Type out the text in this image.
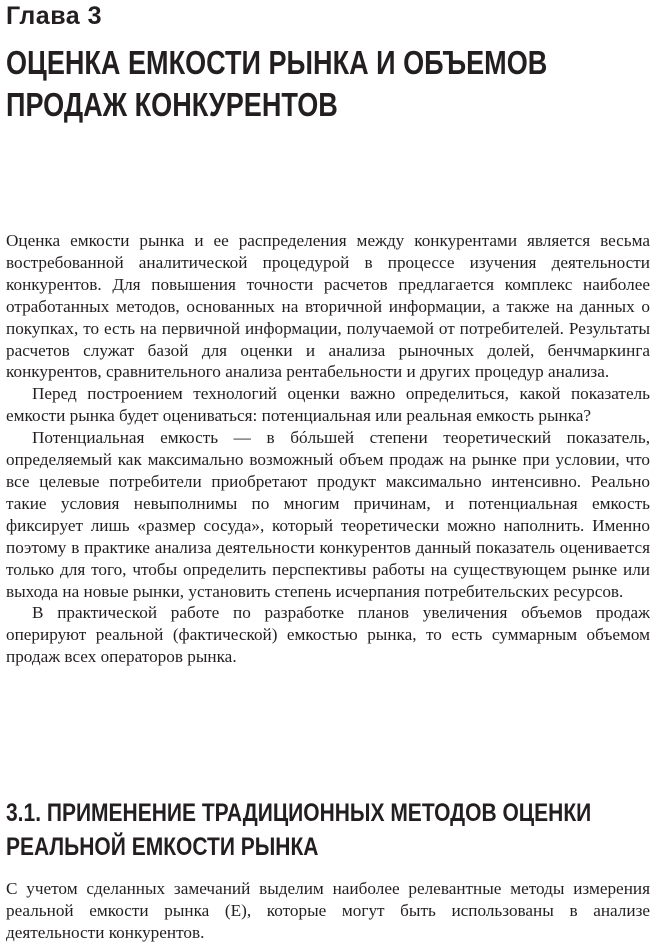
Глава 3
ОЦЕНКА ЕМКОСТИ РЫНКА И ОБЪЕМОВ
ПРОДАЖ КОНКУРЕНТОВ

Оценка емкости рынка и ее распределения между конкурентами является весьма востребованной аналитической процедурой в процессе изучения деятельности конкурентов. Для повышения точности расчетов предлагается комплекс наиболее отработанных методов, основанных на вторичной информации, а также на данных о покупках, то есть на первичной информации, получаемой от потребителей. Результаты расчетов служат базой для оценки и анализа рыночных долей, бенчмаркинга конкурентов, сравнительного анализа рентабельности и других процедур анализа.

Перед построением технологий оценки важно определиться, какой показатель емкости рынка будет оцениваться: потенциальная или реальная емкость рынка?

Потенциальная емкость — в бóльшей степени теоретический показатель, определяемый как максимально возможный объем продаж на рынке при условии, что все целевые потребители приобретают продукт максимально интенсивно. Реально такие условия невыполнимы по многим причинам, и потенциальная емкость фиксирует лишь «размер сосуда», который теоретически можно наполнить. Именно поэтому в практике анализа деятельности конкурентов данный показатель оценивается только для того, чтобы определить перспективы работы на существующем рынке или выхода на новые рынки, установить степень исчерпания потребительских ресурсов.

В практической работе по разработке планов увеличения объемов продаж оперируют реальной (фактической) емкостью рынка, то есть суммарным объемом продаж всех операторов рынка.

3.1. ПРИМЕНЕНИЕ ТРАДИЦИОННЫХ МЕТОДОВ ОЦЕНКИ
РЕАЛЬНОЙ ЕМКОСТИ РЫНКА

С учетом сделанных замечаний выделим наиболее релевантные методы измерения реальной емкости рынка (Е), которые могут быть использованы в анализе деятельности конкурентов.
